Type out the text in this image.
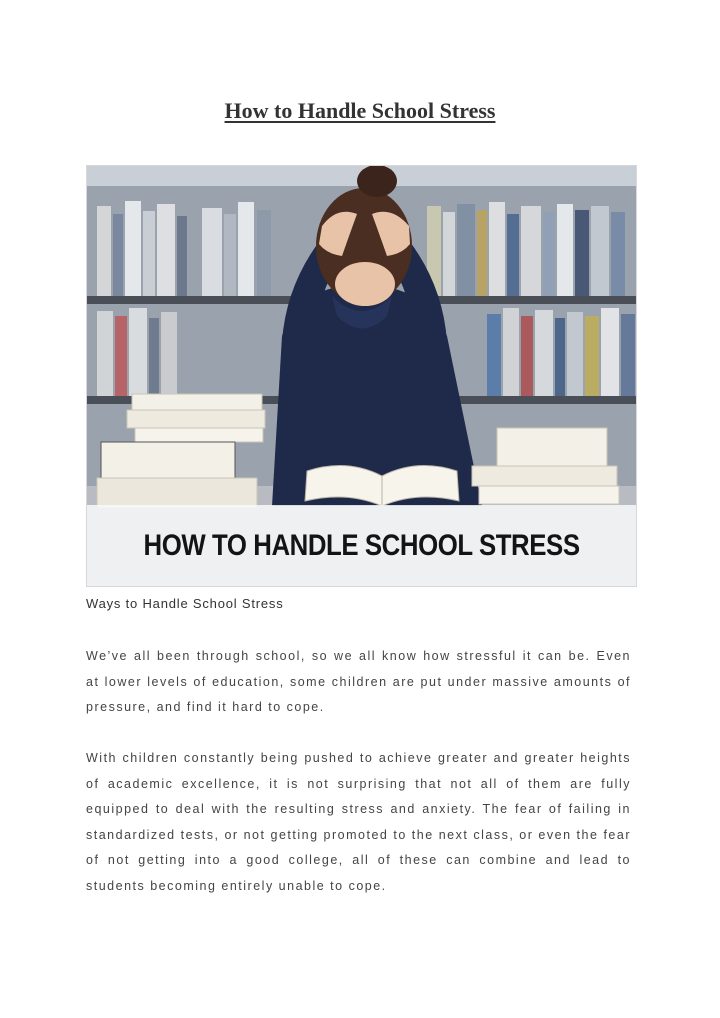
How to Handle School Stress
HOW TO HANDLE SCHOOL STRESS
Ways to Handle School Stress

We’ve all been through school, so we all know how stressful it can be. Even at lower levels of education, some children are put under massive amounts of pressure, and find it hard to cope.

With children constantly being pushed to achieve greater and greater heights of academic excellence, it is not surprising that not all of them are fully equipped to deal with the resulting stress and anxiety. The fear of failing in standardized tests, or not getting promoted to the next class, or even the fear of not getting into a good college, all of these can combine and lead to students becoming entirely unable to cope.
